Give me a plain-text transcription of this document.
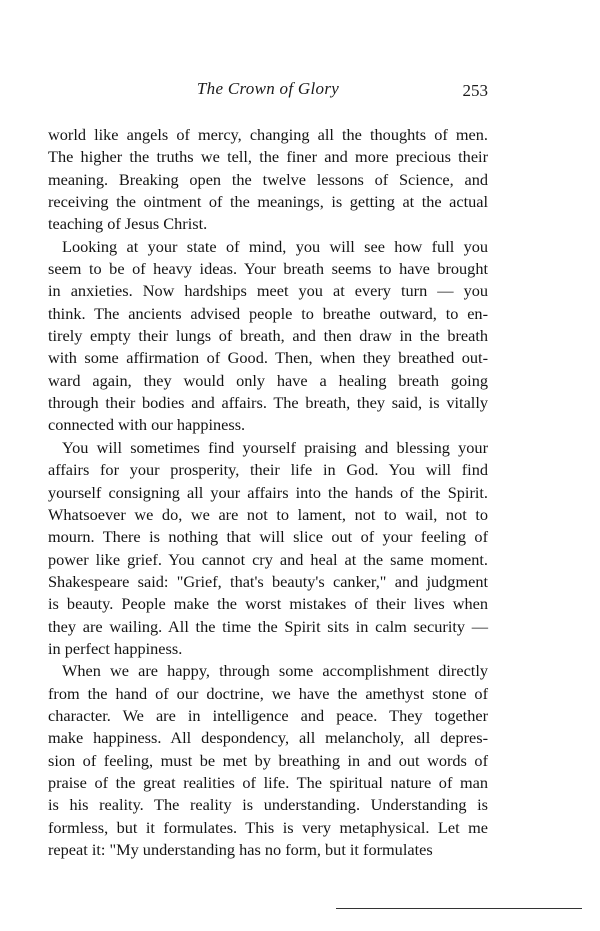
The Crown of Glory	253
world like angels of mercy, changing all the thoughts of men.
The higher the truths we tell, the finer and more precious their
meaning. Breaking open the twelve lessons of Science, and
receiving the ointment of the meanings, is getting at the actual
teaching of Jesus Christ.
Looking at your state of mind, you will see how full you
seem to be of heavy ideas. Your breath seems to have brought
in anxieties. Now hardships meet you at every turn — you
think. The ancients advised people to breathe outward, to en-
tirely empty their lungs of breath, and then draw in the breath
with some affirmation of Good. Then, when they breathed out-
ward again, they would only have a healing breath going
through their bodies and affairs. The breath, they said, is vitally
connected with our happiness.
You will sometimes find yourself praising and blessing your
affairs for your prosperity, their life in God. You will find
yourself consigning all your affairs into the hands of the Spirit.
Whatsoever we do, we are not to lament, not to wail, not to
mourn. There is nothing that will slice out of your feeling of
power like grief. You cannot cry and heal at the same moment.
Shakespeare said: "Grief, that's beauty's canker," and judgment
is beauty. People make the worst mistakes of their lives when
they are wailing. All the time the Spirit sits in calm security —
in perfect happiness.
When we are happy, through some accomplishment directly
from the hand of our doctrine, we have the amethyst stone of
character. We are in intelligence and peace. They together
make happiness. All despondency, all melancholy, all depres-
sion of feeling, must be met by breathing in and out words of
praise of the great realities of life. The spiritual nature of man
is his reality. The reality is understanding. Understanding is
formless, but it formulates. This is very metaphysical. Let me
repeat it: "My understanding has no form, but it formulates
